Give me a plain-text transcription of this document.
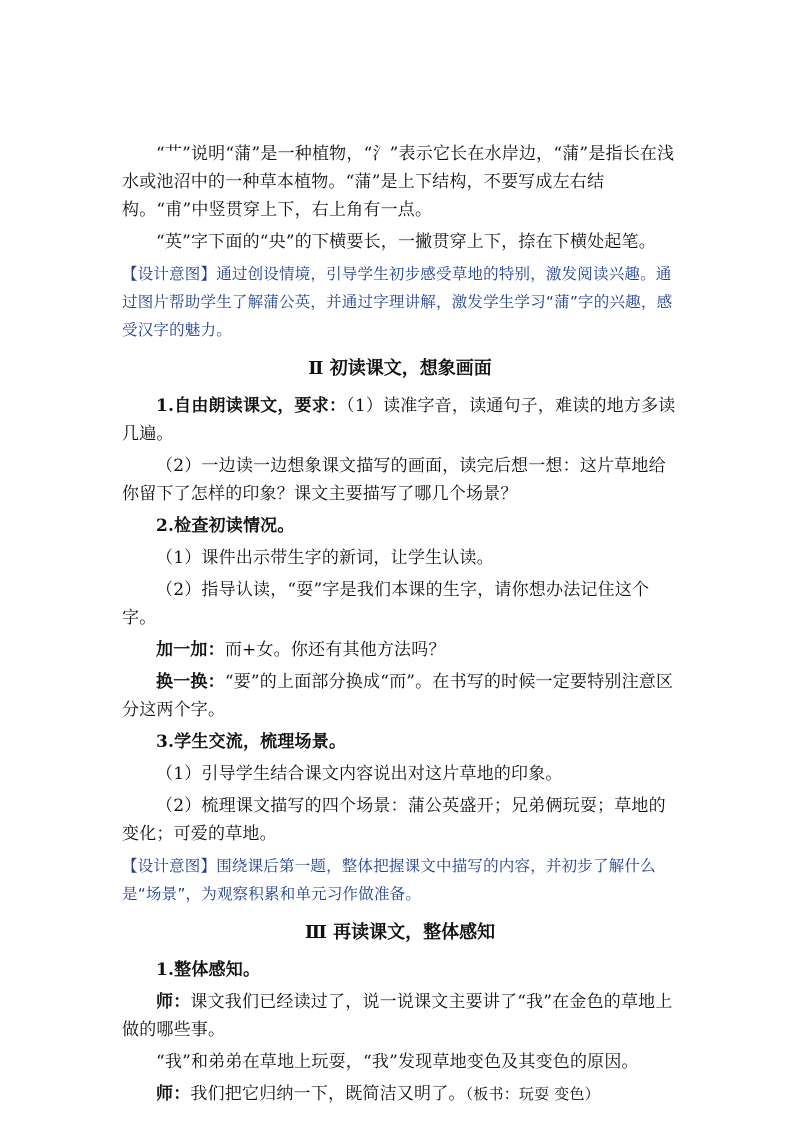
“艹”说明“蒲”是一种植物，“氵”表示它长在水岸边，“蒲”是指长在浅水或池沼中的一种草本植物。“蒲”是上下结构，不要写成左右结构。“甫”中竖贯穿上下，右上角有一点。

“英”字下面的“央”的下横要长，一撇贯穿上下，捺在下横处起笔。

【设计意图】通过创设情境，引导学生初步感受草地的特别，激发阅读兴趣。通过图片帮助学生了解蒲公英，并通过字理讲解，激发学生学习“蒲”字的兴趣，感受汉字的魅力。

Ⅱ 初读课文，想象画面

1.自由朗读课文，要求：（1）读准字音，读通句子，难读的地方多读几遍。

（2）一边读一边想象课文描写的画面，读完后想一想：这片草地给你留下了怎样的印象？课文主要描写了哪几个场景？

2.检查初读情况。

（1）课件出示带生字的新词，让学生认读。

（2）指导认读，“耍”字是我们本课的生字，请你想办法记住这个字。

加一加：而+女。你还有其他方法吗？

换一换：“要”的上面部分换成“而”。在书写的时候一定要特别注意区分这两个字。

3.学生交流，梳理场景。

（1）引导学生结合课文内容说出对这片草地的印象。

（2）梳理课文描写的四个场景：蒲公英盛开；兄弟俩玩耍；草地的变化；可爱的草地。

【设计意图】围绕课后第一题，整体把握课文中描写的内容，并初步了解什么是“场景”，为观察积累和单元习作做准备。

Ⅲ 再读课文，整体感知

1.整体感知。

师：课文我们已经读过了，说一说课文主要讲了“我”在金色的草地上做的哪些事。

“我”和弟弟在草地上玩耍，“我”发现草地变色及其变色的原因。

师：我们把它归纳一下，既简洁又明了。（板书：玩耍 变色）
